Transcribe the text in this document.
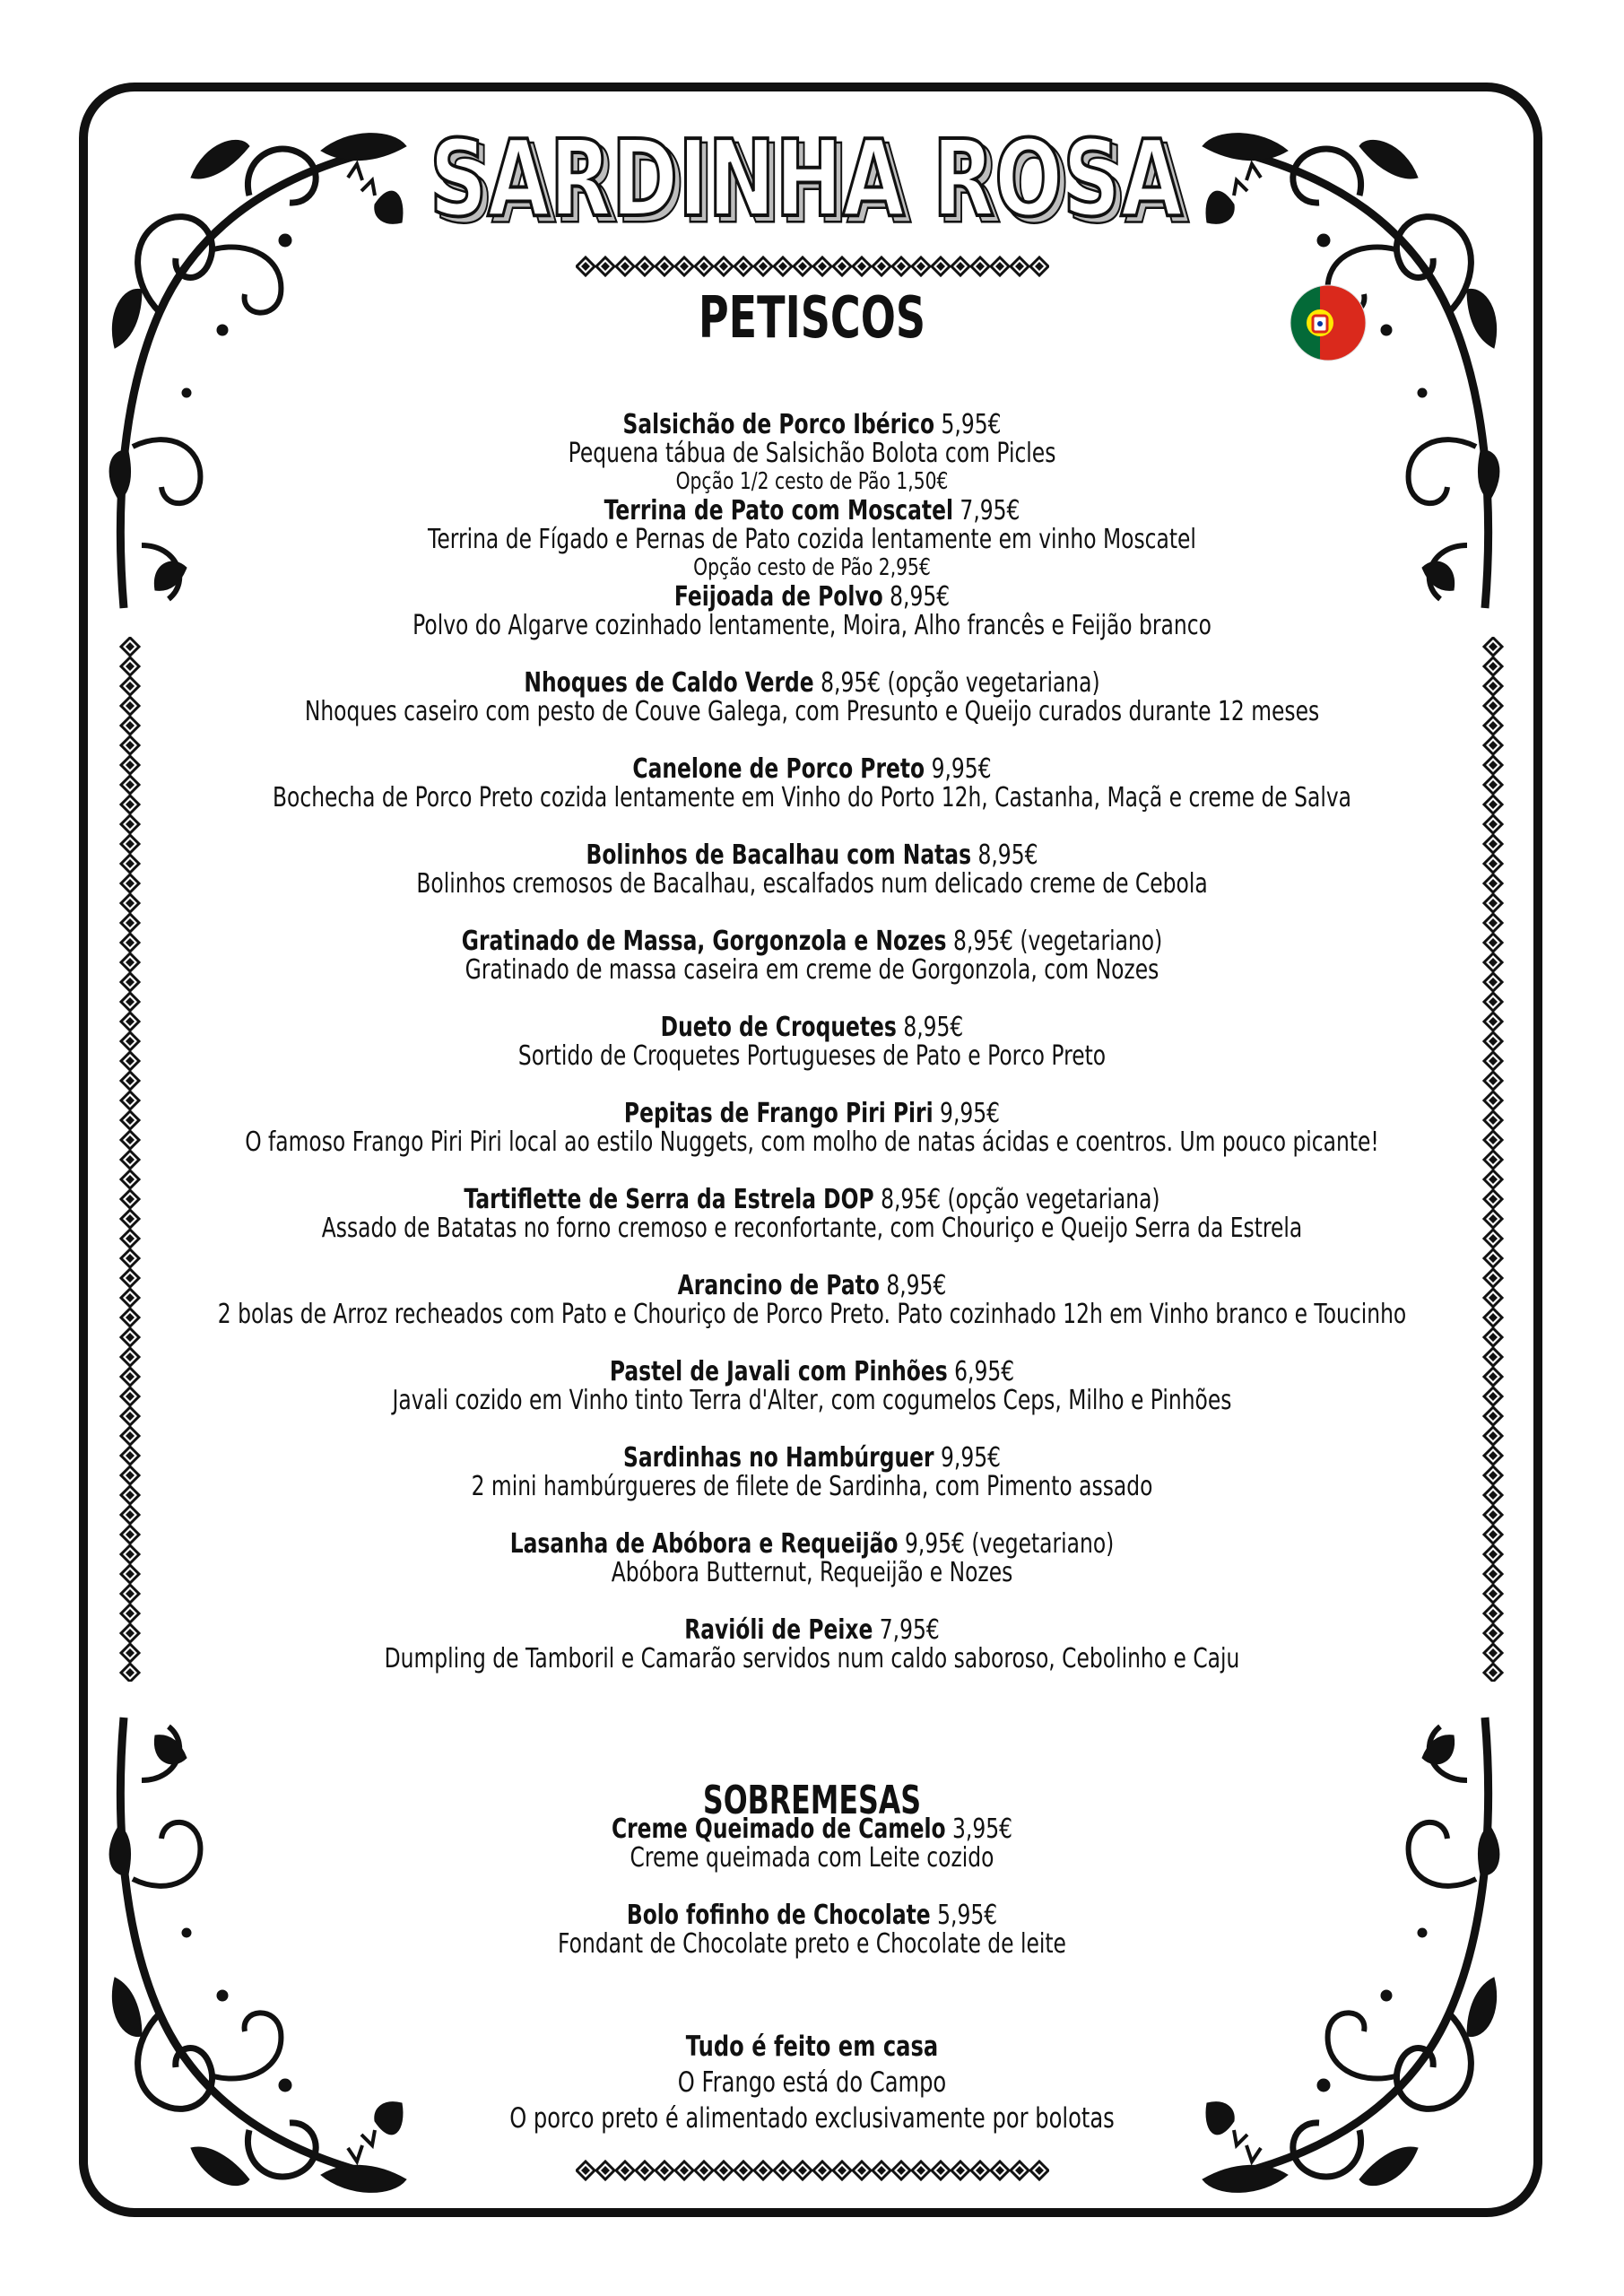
SARDINHA ROSA
SARDINHA ROSA
PETISCOS
Salsichão de Porco Ibérico 5,95€
Pequena tábua de Salsichão Bolota com Picles
Opção 1/2 cesto de Pão 1,50€
Terrina de Pato com Moscatel 7,95€
Terrina de Fígado e Pernas de Pato cozida lentamente em vinho Moscatel
Opção cesto de Pão 2,95€
Feijoada de Polvo 8,95€
Polvo do Algarve cozinhado lentamente, Moira, Alho francês e Feijão branco
Nhoques de Caldo Verde 8,95€ (opção vegetariana)
Nhoques caseiro com pesto de Couve Galega, com Presunto e Queijo curados durante 12 meses
Canelone de Porco Preto 9,95€
Bochecha de Porco Preto cozida lentamente em Vinho do Porto 12h, Castanha, Maçã e creme de Salva
Bolinhos de Bacalhau com Natas 8,95€
Bolinhos cremosos de Bacalhau, escalfados num delicado creme de Cebola
Gratinado de Massa, Gorgonzola e Nozes 8,95€ (vegetariano)
Gratinado de massa caseira em creme de Gorgonzola, com Nozes
Dueto de Croquetes 8,95€
Sortido de Croquetes Portugueses de Pato e Porco Preto
Pepitas de Frango Piri Piri 9,95€
O famoso Frango Piri Piri local ao estilo Nuggets, com molho de natas ácidas e coentros. Um pouco picante!
Tartiflette de Serra da Estrela DOP 8,95€ (opção vegetariana)
Assado de Batatas no forno cremoso e reconfortante, com Chouriço e Queijo Serra da Estrela
Arancino de Pato 8,95€
2 bolas de Arroz recheados com Pato e Chouriço de Porco Preto. Pato cozinhado 12h em Vinho branco e Toucinho
Pastel de Javali com Pinhões 6,95€
Javali cozido em Vinho tinto Terra d'Alter, com cogumelos Ceps, Milho e Pinhões
Sardinhas no Hambúrguer 9,95€
2 mini hambúrgueres de filete de Sardinha, com Pimento assado
Lasanha de Abóbora e Requeijão 9,95€ (vegetariano)
Abóbora Butternut, Requeijão e Nozes
Ravióli de Peixe 7,95€
Dumpling de Tamboril e Camarão servidos num caldo saboroso, Cebolinho e Caju
SOBREMESAS
Creme Queimado de Camelo 3,95€
Creme queimada com Leite cozido
Bolo fofinho de Chocolate 5,95€
Fondant de Chocolate preto e Chocolate de leite
Tudo é feito em casa
O Frango está do Campo
O porco preto é alimentado exclusivamente por bolotas
